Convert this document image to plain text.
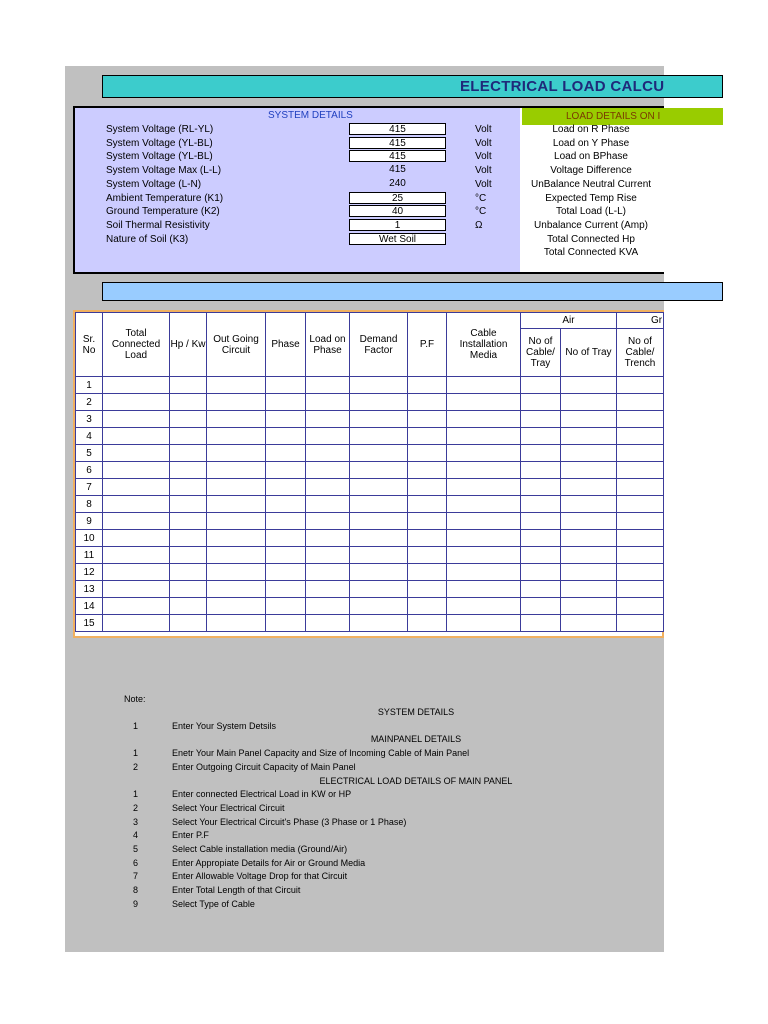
ELECTRICAL LOAD CALCU
SYSTEM DETAILS	LOAD DETAILS ON I
System Voltage (RL-YL)	415	Volt
System Voltage (YL-BL)	415	Volt
System Voltage (YL-BL)	415	Volt
System Voltage Max (L-L)	415	Volt
System Voltage (L-N)	240	Volt
Ambient Temperature (K1)	25	°C
Ground Temperature (K2)	40	°C
Soil Thermal Resistivity	1	Ω
Nature of Soil (K3)	Wet Soil
Load on R Phase
Load on Y Phase
Load on BPhase
Voltage Difference
UnBalance Neutral Current
Expected Temp Rise
Total Load (L-L)
Unbalance Current (Amp)
Total Connected Hp
Total Connected KVA
Sr. No	Total Connected Load	Hp / Kw	Out Going Circuit	Phase	Load on Phase	Demand Factor	P.F	Cable Installation Media	Air		Gr
									No of Cable/ Tray	No of Tray	No of Cable/ Trench
1											
2											
3											
4											
5											
6											
7											
8											
9											
10											
11											
12											
13											
14											
15											
Note:
SYSTEM DETAILS
1	Enter Your System Detsils
MAINPANEL DETAILS
1	Enetr Your Main Panel Capacity and Size of Incoming Cable of Main Panel
2	Enter Outgoing Circuit Capacity of Main Panel
ELECTRICAL LOAD DETAILS OF MAIN PANEL
1	Enter connected Electrical Load in KW or HP
2	Select Your Electrical Circuit
3	Select Your Electrical Circuit's Phase (3 Phase or 1 Phase)
4	Enter P.F
5	Select Cable installation media (Ground/Air)
6	Enter Appropiate Details for Air or Ground Media
7	Enter Allowable Voltage Drop for that Circuit
8	Enter Total Length of that Circuit
9	Select Type of Cable
